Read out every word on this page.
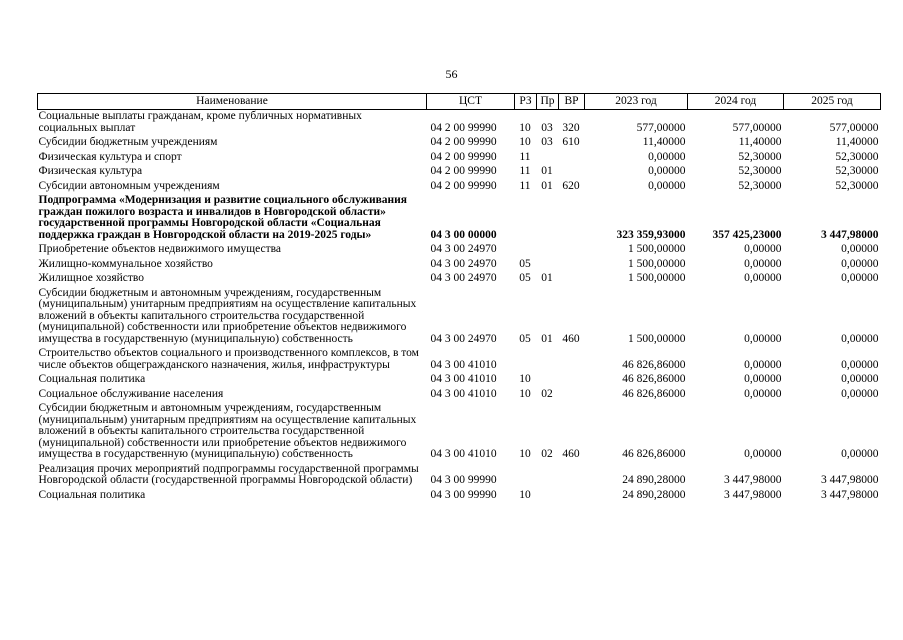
56
Наименование	ЦСТ	РЗ	Пр	ВР	2023 год	2024 год	2025 год
Социальные выплаты гражданам, кроме публичных нормативных социальных выплат	04 2 00 99990	10	03	320	577,00000	577,00000	577,00000
Субсидии бюджетным учреждениям	04 2 00 99990	10	03	610	11,40000	11,40000	11,40000
Физическая культура и спорт	04 2 00 99990	11			0,00000	52,30000	52,30000
Физическая культура	04 2 00 99990	11	01		0,00000	52,30000	52,30000
Субсидии автономным учреждениям	04 2 00 99990	11	01	620	0,00000	52,30000	52,30000
Подпрограмма «Модернизация и развитие социального обслуживания граждан пожилого возраста и инвалидов в Новгородской области» государственной программы Новгородской области «Социальная поддержка граждан в Новгородской области на 2019-2025 годы»	04 3 00 00000				323 359,93000	357 425,23000	3 447,98000
Приобретение объектов недвижимого имущества	04 3 00 24970				1 500,00000	0,00000	0,00000
Жилищно-коммунальное хозяйство	04 3 00 24970	05			1 500,00000	0,00000	0,00000
Жилищное хозяйство	04 3 00 24970	05	01		1 500,00000	0,00000	0,00000
Субсидии бюджетным и автономным учреждениям, государственным (муниципальным) унитарным предприятиям на осуществление капитальных вложений в объекты капитального строительства государственной (муниципальной) собственности или приобретение объектов недвижимого имущества в государственную (муниципальную) собственность	04 3 00 24970	05	01	460	1 500,00000	0,00000	0,00000
Строительство объектов социального и производственного комплексов, в том числе объектов общегражданского назначения, жилья, инфраструктуры	04 3 00 41010				46 826,86000	0,00000	0,00000
Социальная политика	04 3 00 41010	10			46 826,86000	0,00000	0,00000
Социальное обслуживание населения	04 3 00 41010	10	02		46 826,86000	0,00000	0,00000
Субсидии бюджетным и автономным учреждениям, государственным (муниципальным) унитарным предприятиям на осуществление капитальных вложений в объекты капитального строительства государственной (муниципальной) собственности или приобретение объектов недвижимого имущества в государственную (муниципальную) собственность	04 3 00 41010	10	02	460	46 826,86000	0,00000	0,00000
Реализация прочих мероприятий подпрограммы государственной программы Новгородской области (государственной программы Новгородской области)	04 3 00 99990				24 890,28000	3 447,98000	3 447,98000
Социальная политика	04 3 00 99990	10			24 890,28000	3 447,98000	3 447,98000
